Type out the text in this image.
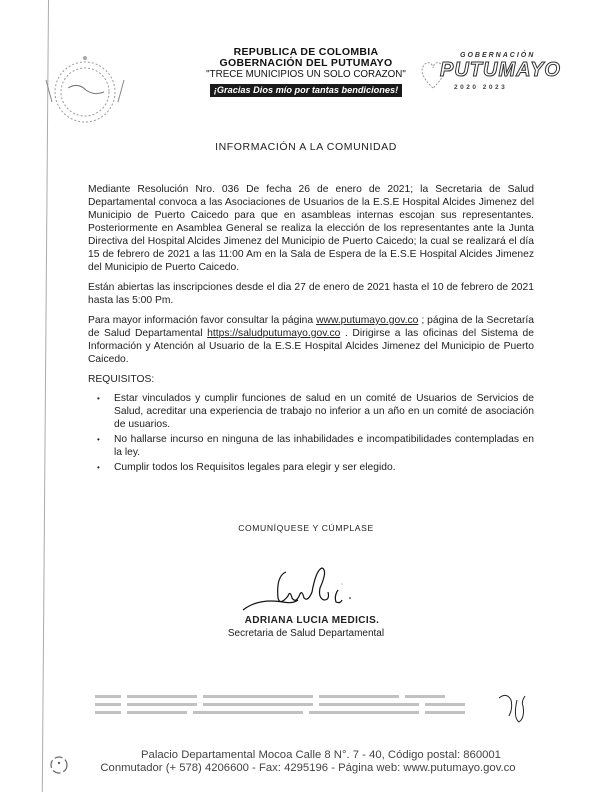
REPUBLICA DE COLOMBIA
GOBERNACIÓN DEL PUTUMAYO
"TRECE MUNICIPIOS UN SOLO CORAZON"
¡Gracias Dios mío por tantas bendiciones!
GOBERNACIÓN
PUTUMAYO
2020 2023
INFORMACIÓN A LA COMUNIDAD

Mediante Resolución Nro. 036 De fecha 26 de enero de 2021; la Secretaria de Salud Departamental convoca a las Asociaciones de Usuarios de la E.S.E Hospital Alcides Jimenez del Municipio de Puerto Caicedo para que en asambleas internas escojan sus representantes. Posteriormente en Asamblea General se realiza la elección de los representantes ante la Junta Directiva del Hospital Alcides Jimenez del Municipio de Puerto Caicedo; la cual se realizará el día 15 de febrero de 2021 a las 11:00 Am en la Sala de Espera de la E.S.E Hospital Alcides Jimenez del Municipio de Puerto Caicedo.

Están abiertas las inscripciones desde el dia 27 de enero de 2021 hasta el 10 de febrero de 2021 hasta las 5:00 Pm.

Para mayor información favor consultar la página www.putumayo.gov.co ; página de la Secretaría de Salud Departamental https://saludputumayo.gov.co . Dirigirse a las oficinas del Sistema de Información y Atención al Usuario de la E.S.E Hospital Alcides Jimenez del Municipio de Puerto Caicedo.

REQUISITOS:
• Estar vinculados y cumplir funciones de salud en un comité de Usuarios de Servicios de Salud, acreditar una experiencia de trabajo no inferior a un año en un comité de asociación de usuarios.
• No hallarse incurso en ninguna de las inhabilidades e incompatibilidades contempladas en la ley.
• Cumplir todos los Requisitos legales para elegir y ser elegido.
COMUNÍQUESE Y CÚMPLASE
ADRIANA LUCIA MEDICIS.
Secretaria de Salud Departamental
Palacio Departamental Mocoa Calle 8 N°. 7 - 40, Código postal: 860001
Conmutador (+ 578) 4206600 - Fax: 4295196 - Página web: www.putumayo.gov.co
